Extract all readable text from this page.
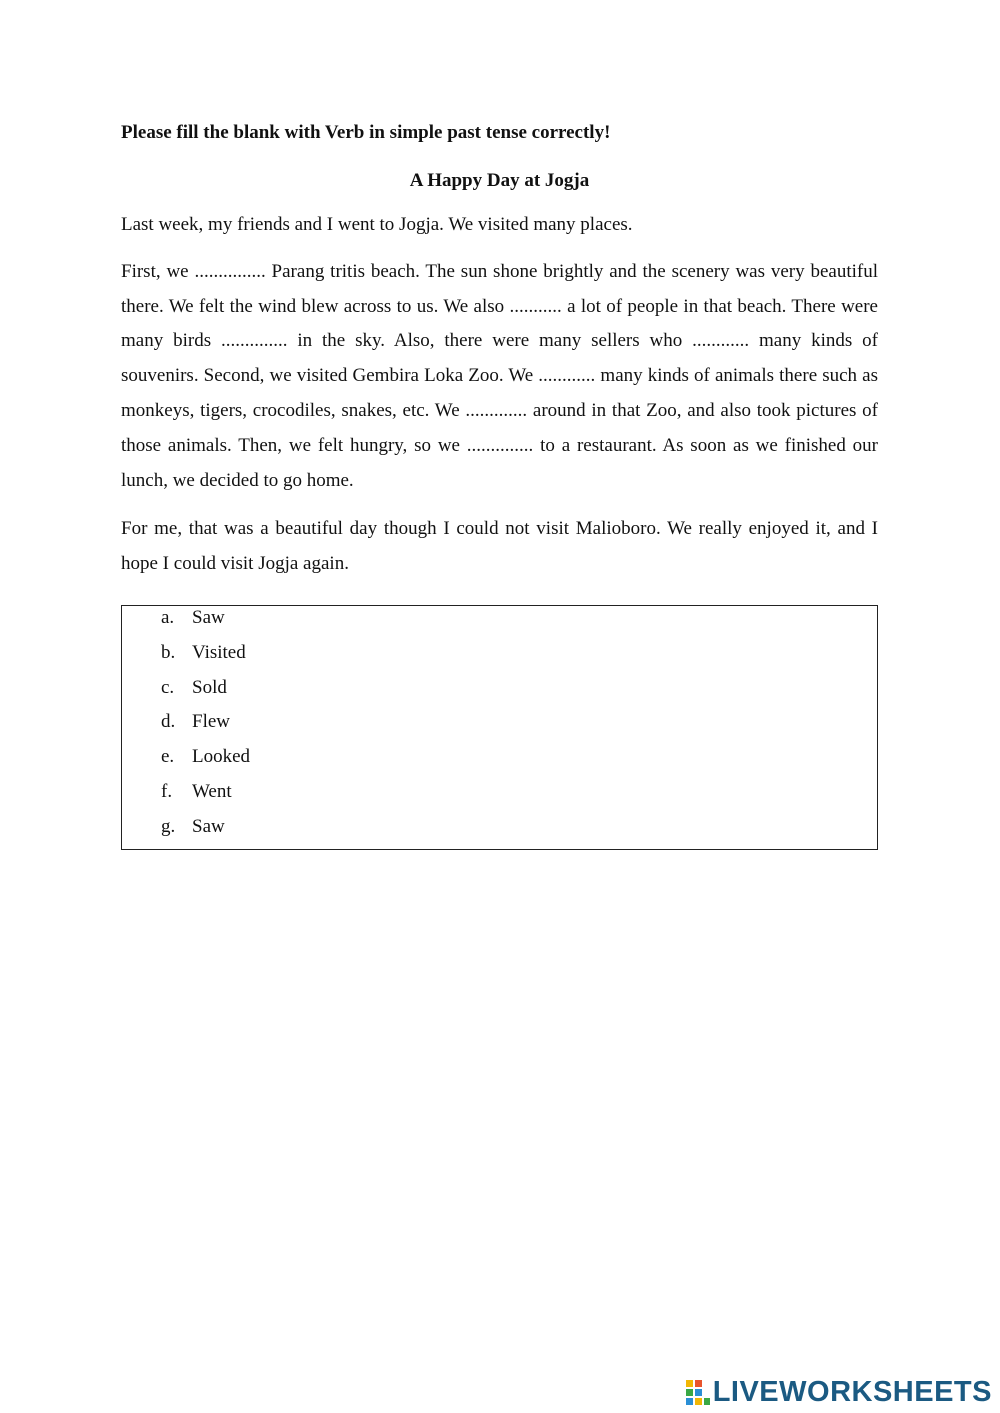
Please fill the blank with Verb in simple past tense correctly!
A Happy Day at Jogja

Last week, my friends and I went to Jogja. We visited many places.

First, we ............... Parang tritis beach. The sun shone brightly and the scenery was very beautiful there. We felt the wind blew across to us. We also ........... a lot of people in that beach. There were many birds .............. in the sky. Also, there were many sellers who ............ many kinds of souvenirs. Second, we visited Gembira Loka Zoo. We ............ many kinds of animals there such as monkeys, tigers, crocodiles, snakes, etc. We ............. around in that Zoo, and also took pictures of those animals. Then, we felt hungry, so we .............. to a restaurant. As soon as we finished our lunch, we decided to go home.

For me, that was a beautiful day though I could not visit Malioboro. We really enjoyed it, and I hope I could visit Jogja again.

a. Saw
b. Visited
c. Sold
d. Flew
e. Looked
f.	Went
g. Saw
LIVEWORKSHEETS
